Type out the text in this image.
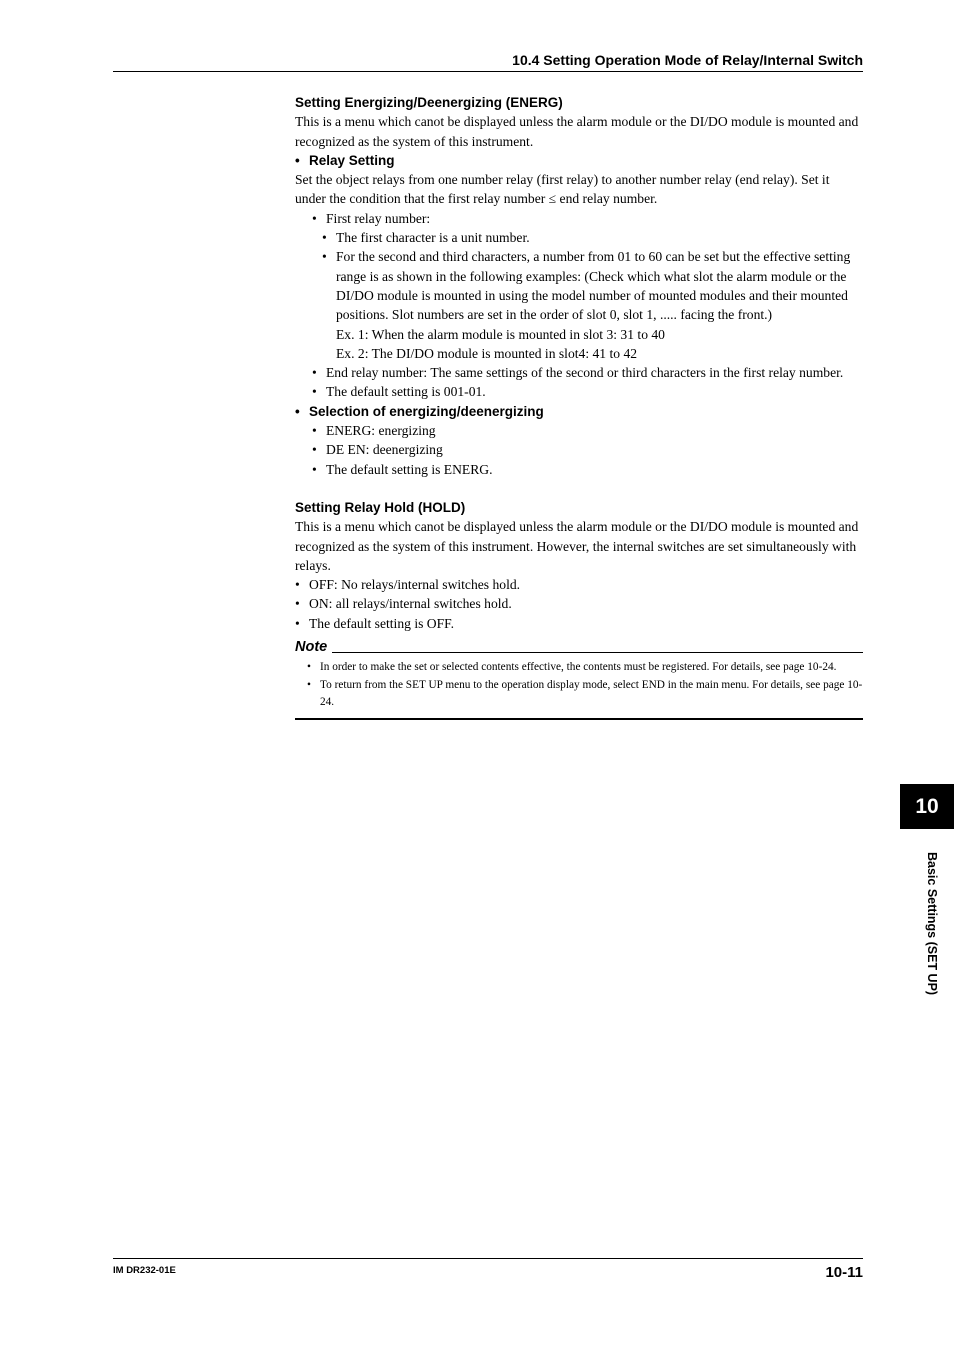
10.4 Setting Operation Mode of Relay/Internal Switch
Setting Energizing/Deenergizing (ENERG)
This is a menu which canot be displayed unless the alarm module or the DI/DO module is mounted and recognized as the system of this instrument.
• Relay Setting
Set the object relays from one number relay (first relay) to another number relay (end relay). Set it under the condition that the first relay number ≤ end relay number.
• First relay number:
• The first character is a unit number.
• For the second and third characters, a number from 01 to 60 can be set but the effective setting range is as shown in the following examples: (Check which what slot the alarm module or the DI/DO module is mounted in using the model number of mounted modules and their mounted positions. Slot numbers are set in the order of slot 0, slot 1, ..... facing the front.)
Ex. 1: When the alarm module is mounted in slot 3: 31 to 40
Ex. 2: The DI/DO module is mounted in slot4: 41 to 42
• End relay number: The same settings of the second or third characters in the first relay number.
• The default setting is 001-01.
• Selection of energizing/deenergizing
• ENERG: energizing
• DE EN: deenergizing
• The default setting is ENERG.
Setting Relay Hold (HOLD)
This is a menu which canot be displayed unless the alarm module or the DI/DO module is mounted and recognized as the system of this instrument. However, the internal switches are set simultaneously with relays.
• OFF: No relays/internal switches hold.
• ON: all relays/internal switches hold.
• The default setting is OFF.
Note
• In order to make the set or selected contents effective, the contents must be registered. For details, see page 10-24.
• To return from the SET UP menu to the operation display mode, select END in the main menu. For details, see page 10-24.
10
Basic Settings (SET UP)
IM DR232-01E	10-11
